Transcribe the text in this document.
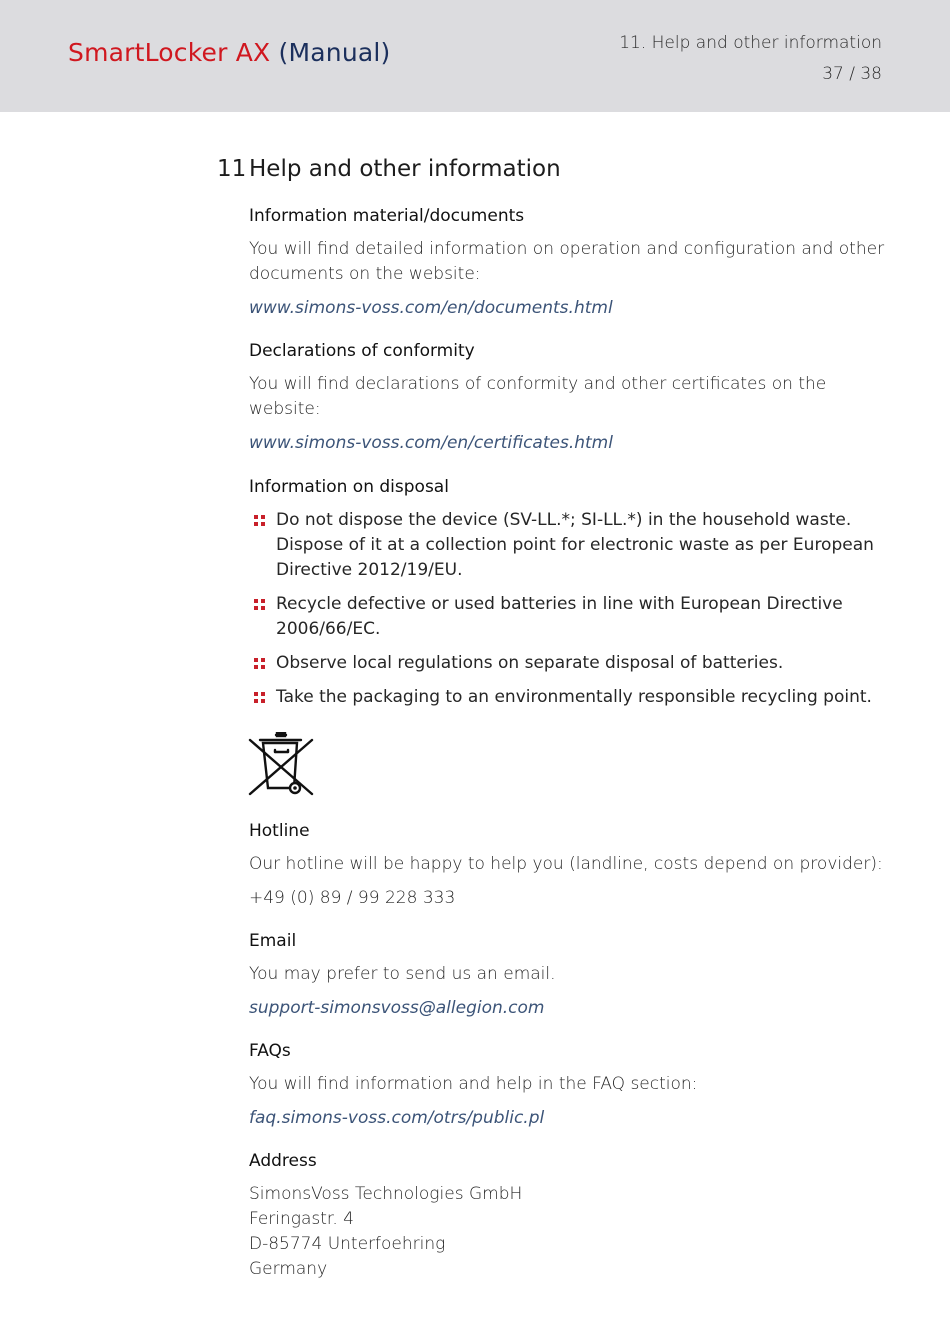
SmartLocker AX (Manual)	11. Help and other information
37 / 38
11 Help and other information
Information material/documents

You will find detailed information on operation and configuration and other documents on the website:

www.simons-voss.com/en/documents.html
Declarations of conformity

You will find declarations of conformity and other certificates on the website:

www.simons-voss.com/en/certificates.html
Information on disposal
Do not dispose the device (SV-LL.*; SI-LL.*) in the household waste. Dispose of it at a collection point for electronic waste as per European Directive 2012/19/EU.
Recycle defective or used batteries in line with European Directive 2006/66/EC.
Observe local regulations on separate disposal of batteries.
Take the packaging to an environmentally responsible recycling point.
Hotline

Our hotline will be happy to help you (landline, costs depend on provider):

+49 (0) 89 / 99 228 333

Email

You may prefer to send us an email.

support-simonsvoss@allegion.com
FAQs

You will find information and help in the FAQ section:

faq.simons-voss.com/otrs/public.pl
Address

SimonsVoss Technologies GmbH

Feringastr. 4

D-85774 Unterfoehring

Germany
